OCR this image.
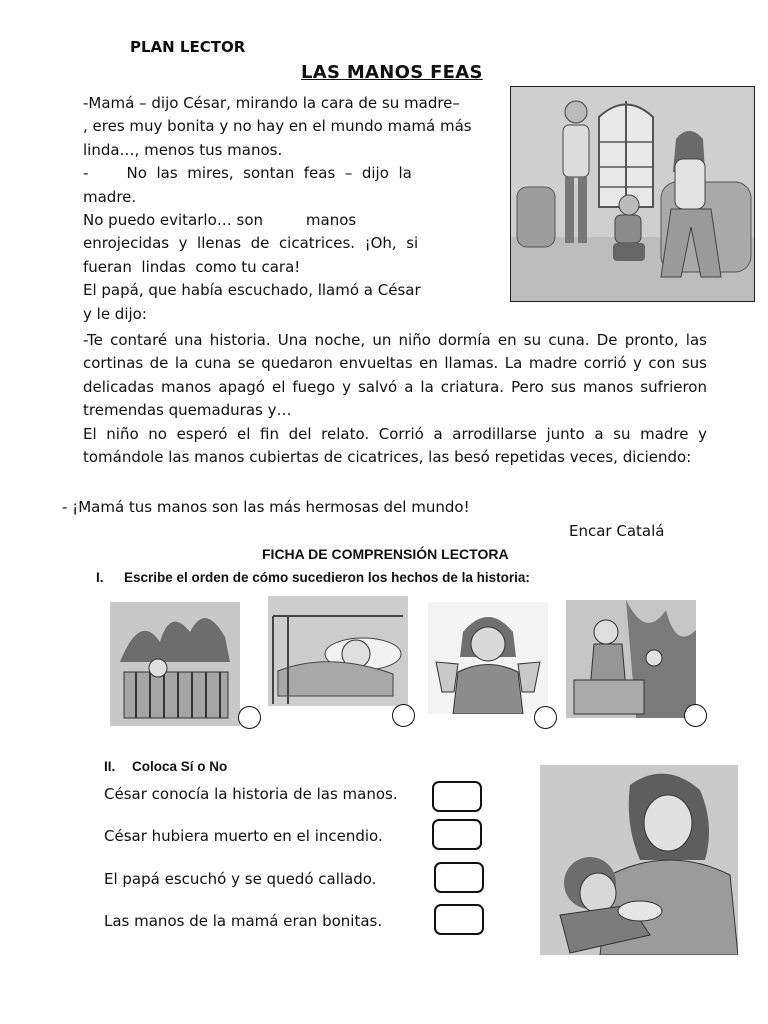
PLAN LECTOR
LAS MANOS FEAS

-Mamá – dijo César, mirando la cara de su madre–

, eres muy bonita y no hay en el mundo mamá más

linda…, menos tus manos.

-        No  las  mires,  sontan  feas  –  dijo  la

madre.

No puedo evitarlo… son         manos

enrojecidas  y  llenas  de  cicatrices.  ¡Oh,  si

fueran  lindas  como tu cara!

El papá, que había escuchado, llamó a César

y le dijo:

-Te contaré una historia. Una noche, un niño dormía en su cuna. De pronto, las cortinas de la cuna se quedaron envueltas en llamas. La madre corrió y con sus delicadas manos apagó el fuego y salvó a la criatura. Pero sus manos sufrieron tremendas quemaduras y…

El niño no esperó el fin del relato. Corrió a arrodillarse junto a su madre y tomándole las manos cubiertas de cicatrices, las besó repetidas veces, diciendo:

- ¡Mamá tus manos son las más hermosas del mundo!
Encar Catalá
FICHA DE COMPRENSIÓN LECTORA
I. Escribe el orden de cómo sucedieron los hechos de la historia:
II. Coloca Sí o No
César conocía la historia de las manos.
César hubiera muerto en el incendio.
El papá escuchó y se quedó callado.
Las manos de la mamá eran bonitas.
